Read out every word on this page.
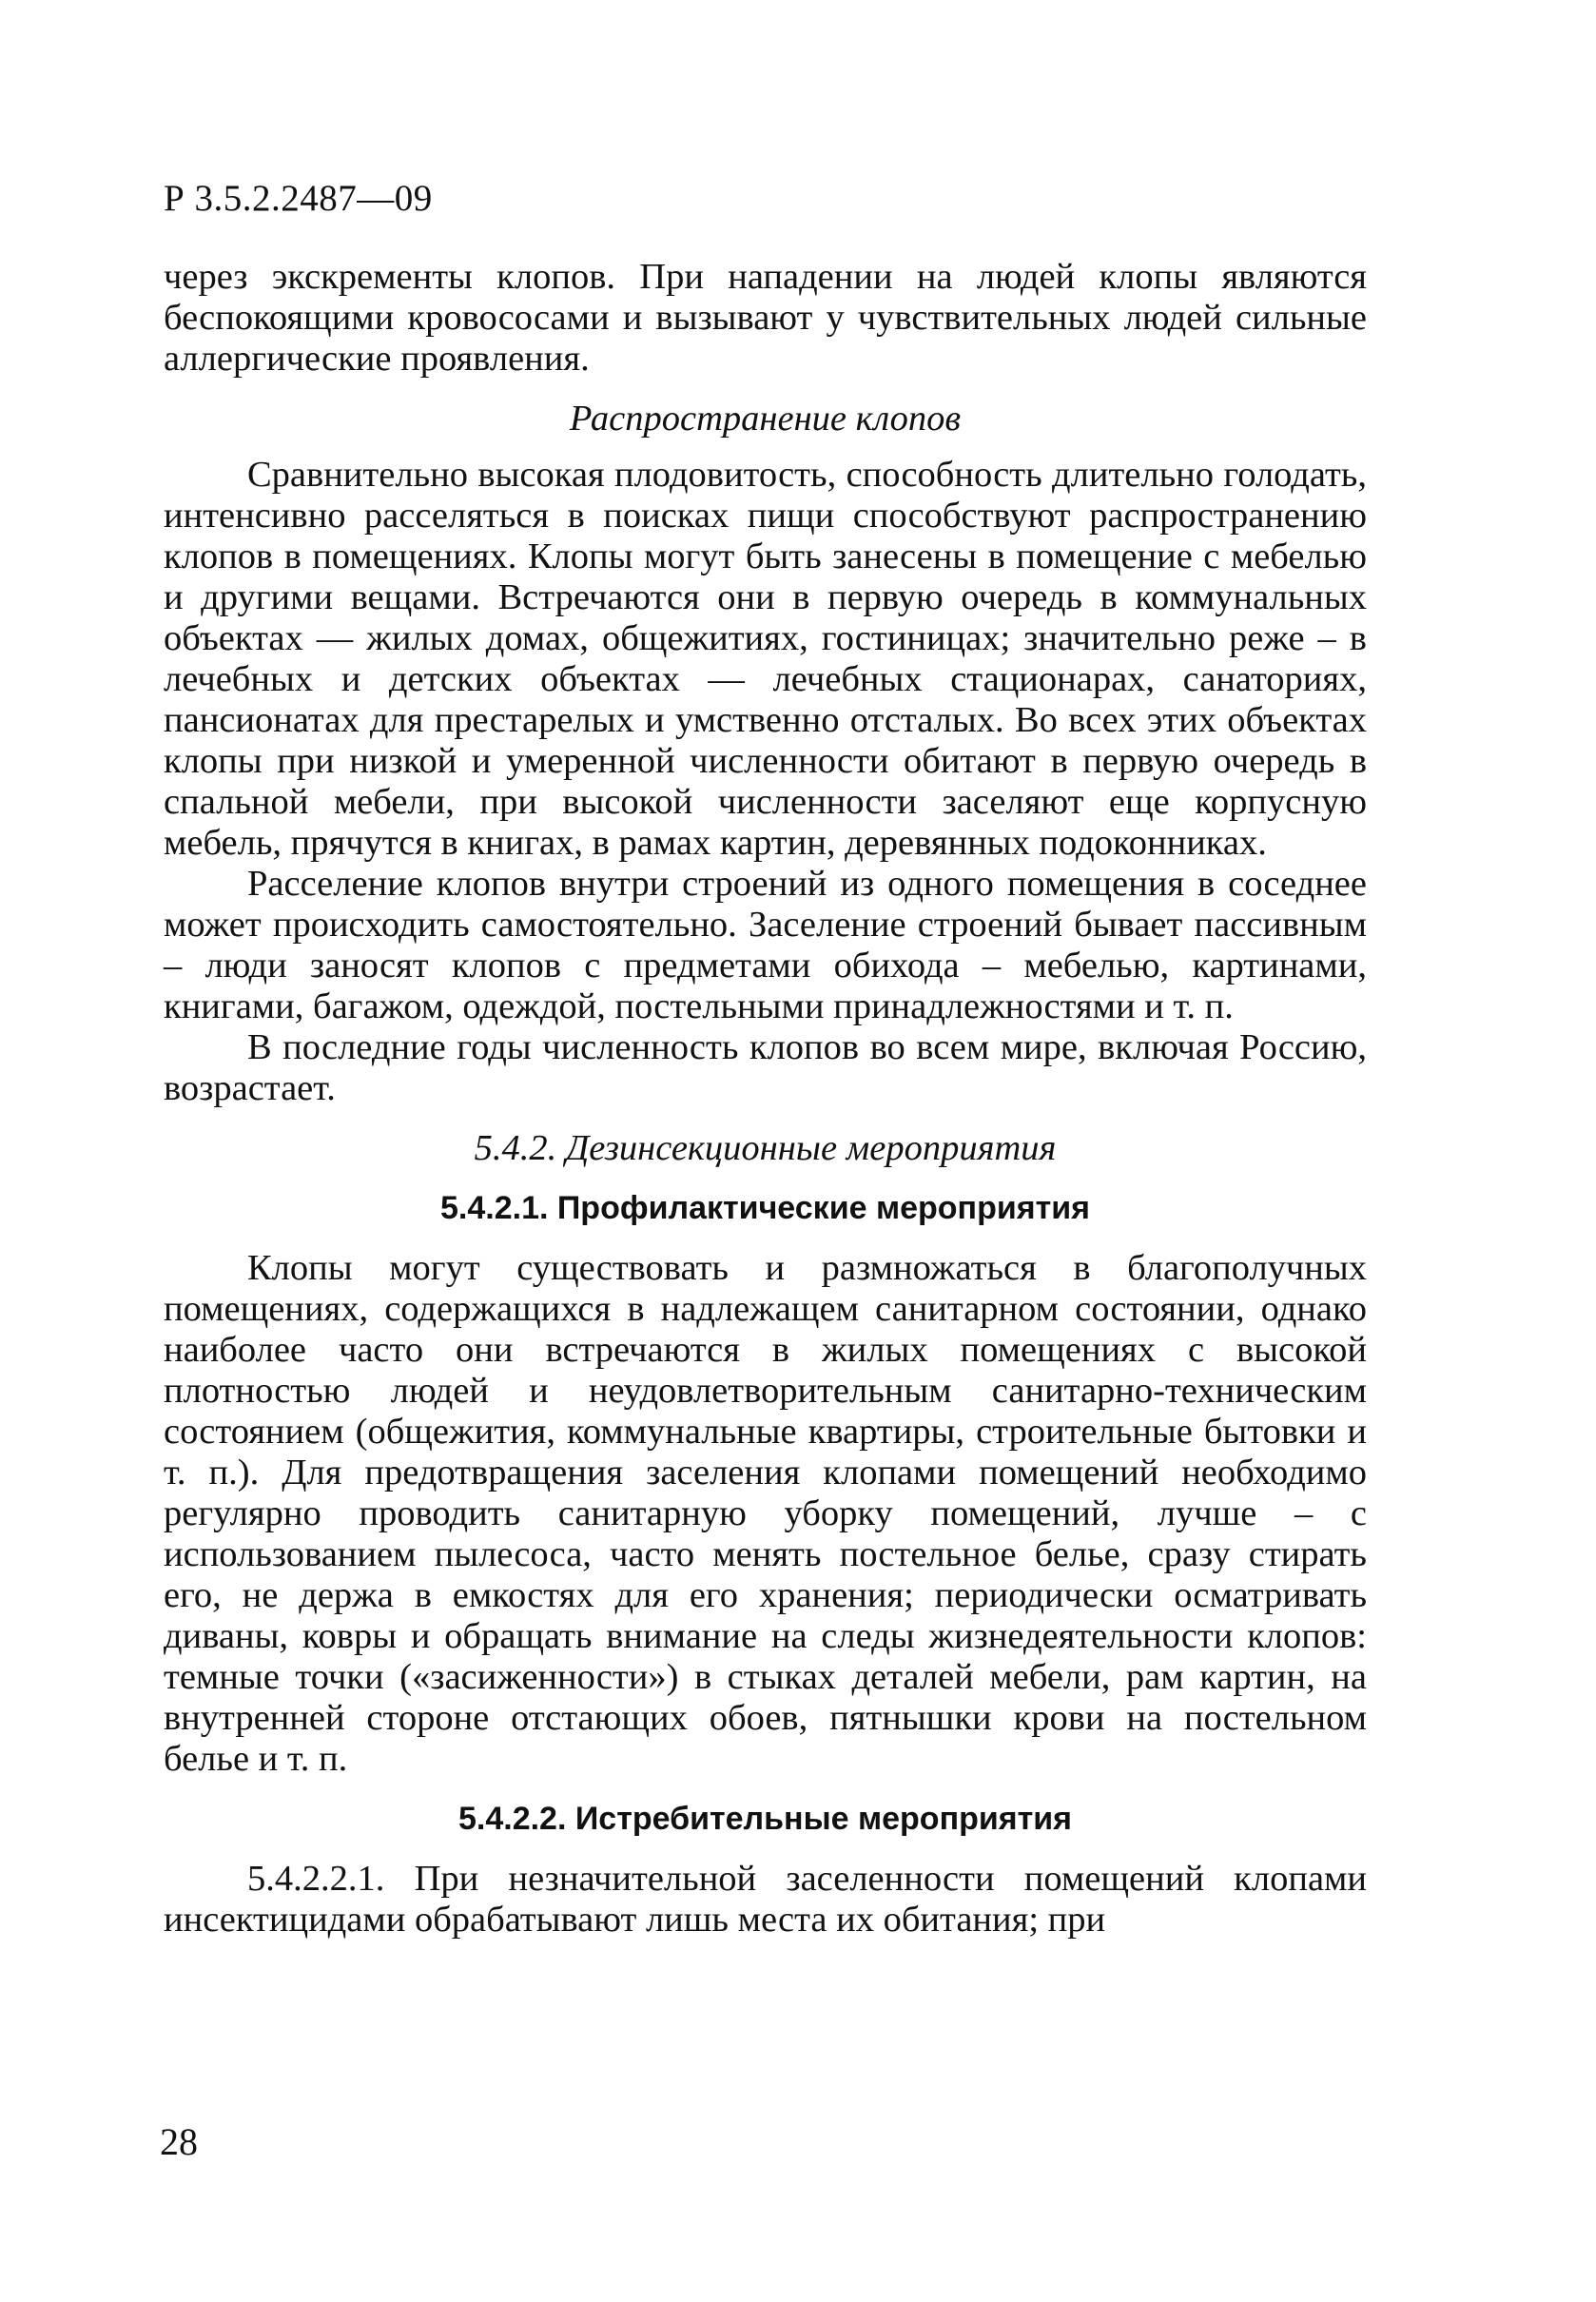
Р 3.5.2.2487—09

через экскременты клопов. При нападении на людей клопы являются беспокоящими кровососами и вызывают у чувствительных людей сильные аллергические проявления.

Распространение клопов

Сравнительно высокая плодовитость, способность длительно голодать, интенсивно расселяться в поисках пищи способствуют распространению клопов в помещениях. Клопы могут быть занесены в помещение с мебелью и другими вещами. Встречаются они в первую очередь в коммунальных объектах — жилых домах, общежитиях, гостиницах; значительно реже – в лечебных и детских объектах — лечебных стационарах, санаториях, пансионатах для престарелых и умственно отсталых. Во всех этих объектах клопы при низкой и умеренной численности обитают в первую очередь в спальной мебели, при высокой численности заселяют еще корпусную мебель, прячутся в книгах, в рамах картин, деревянных подоконниках.

Расселение клопов внутри строений из одного помещения в соседнее может происходить самостоятельно. Заселение строений бывает пассивным – люди заносят клопов с предметами обихода – мебелью, картинами, книгами, багажом, одеждой, постельными принадлежностями и т. п.

В последние годы численность клопов во всем мире, включая Россию, возрастает.

5.4.2. Дезинсекционные мероприятия
5.4.2.1. Профилактические мероприятия

Клопы могут существовать и размножаться в благополучных помещениях, содержащихся в надлежащем санитарном состоянии, однако наиболее часто они встречаются в жилых помещениях с высокой плотностью людей и неудовлетворительным санитарно-техническим состоянием (общежития, коммунальные квартиры, строительные бытовки и т. п.). Для предотвращения заселения клопами помещений необходимо регулярно проводить санитарную уборку помещений, лучше – с использованием пылесоса, часто менять постельное белье, сразу стирать его, не держа в емкостях для его хранения; периодически осматривать диваны, ковры и обращать внимание на следы жизнедеятельности клопов: темные точки («засиженности») в стыках деталей мебели, рам картин, на внутренней стороне отстающих обоев, пятнышки крови на постельном белье и т. п.

5.4.2.2. Истребительные мероприятия

5.4.2.2.1. При незначительной заселенности помещений клопами инсектицидами обрабатывают лишь места их обитания; при

28
